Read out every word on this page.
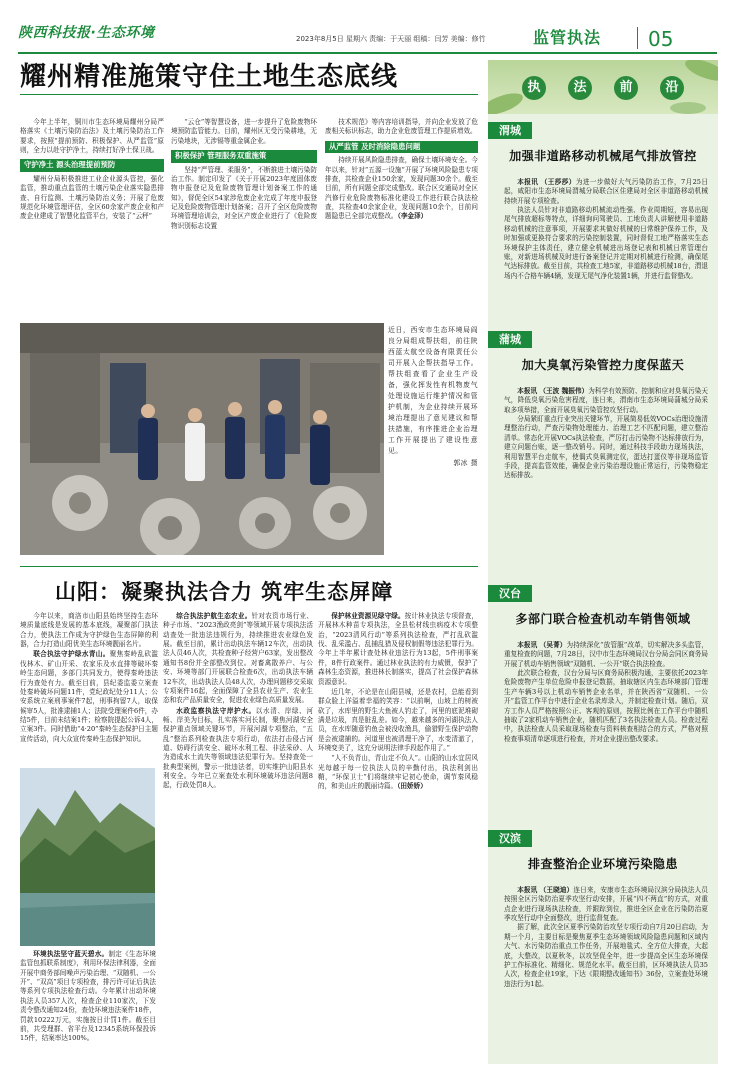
陕西科技报·生态环境	2023年8月5日 星期六 责编：于天丽 组稿：闫芳 美编：修竹	监管执法 05
耀州精准施策守住土地生态底线

今年上半年，铜川市生态环境局耀州分局严格落实《土壤污染防治法》及土壤污染防治工作要求，按照“提前预防、积极保护、从严监管”原则，全力以赴守护净土，持续打好净土保卫战。

守护净土 源头治理提前预防

耀州分局积极推进工业企业源头管控，强化监管，推动重点监管的土壤污染企业落实隐患排查、自行监测、土壤污染防治义务；开展了危废规范化环境管理评估，全区60余家产废企业和产废企业建成了智慧化监管平台，安装了“云秤”

“云仓”等智慧设备，进一步提升了危险废物环境预防监管能力。目前，耀州区无受污染耕地，无污染地块，无涉镉等重金属企业。

积极保护 管理服务双重施策

坚持“严管理、柔服务”，不断推进土壤污染防治工作。制定印发了《关于开展2023年度固体废物申报登记及危险废物管理计划备案工作的通知》，督促全区54家涉危废企业完成了年度申报登记及危险废物管理计划备案；召开了全区危险废物环境管理培训会，对全区产废企业进行了《危险废物识别标志设置

技术规范》等内容培训指导，并向企业发放了危废相关标识标志，助力企业危废管理工作提质增效。

从严监管 及时消除隐患问题

持续开展风险隐患排查，确保土壤环境安全。今年以来，针对“五源一设施”开展了环境风险隐患专项排查，共检查企业150余家，发现问题30余个。截至目前，所有问题全部完成整改。联合区交通局对全区汽修行业危险废物标准化建设工作进行联合执法检查，共检查40余家企业，发现问题10余个，目前问题隐患已全部完成整改。（李金泽）

近日，西安市生态环境局阎良分局组成帮扶组，前往陕西蓝太航空设备有限责任公司开展入企帮扶指导工作。帮扶组查看了企业生产设备，强化挥发性有机物废气处理设施运行维护情况和管护机制，为企业持续开展环境治理提出了意见建议和帮扶措施，有序推进企业治理工作开展提出了建设性意见。
郭冰 摄
山阳：凝聚执法合力 筑牢生态屏障

今年以来，商洛市山阳县始终坚持生态环境质量底线是发展的基本底线，凝聚部门执法合力，使执法工作成为守护绿色生态屏障的利器，合力打造山阳优美生态环境靓丽名片。

联合执法守护绿水青山。聚焦秦岭乱砍滥伐林木、矿山开采、农家乐及水直排等破坏秦岭生态问题，多部门共同发力，使得秦岭违法行为查处有力。截至目前，县纪委监委立案查处秦岭破坏问题11件，党纪政纪处分11人；公安系统立案刑事案件7起，刑事拘留7人，取保候审5人，批准逮捕1人；法院受理案件6件，办结5件，目前未结案1件；检察院提起公诉4人，立案3件。同时借助“4·20”秦岭生态保护日主题宣传活动，向大众宣传秦岭生态保护知识。

环境执法坚守蓝天碧水。制定《生态环境监管包抓联系制度》，利用环保法律利器，全面开展中商务部间噪声污染治理、“双随机、一公开”、“双高”项目专项检查，排污许可证后执法等系列专项执法检查行动。今年累计出动环境执法人员357人次，检查企业110家次，下发责令整改通知24份，查处环境违法案件18件，罚款10222万元，实施按日计罚1件。截至目前，共受理群、省平台及12345系统环保投诉15件，结案率达100%。

综合执法护航生态农业。针对农资市场行业、种子市场、“2023渔政亮剑”等领域开展专项执法活动查处一批违法违规行为，持续推进农业绿色发展。截至目前，累计出动执法车辆12车次，出动执法人员46人次，共检查种子经营户63家，发出整改通知书8份并全部整改到位。对畜禽散养户、与公安、环境等部门开展联合检查6次，出动执法车辆12车次，出动执法人员48人次，办理问题移交采取专项案件16起，全面保障了全县农业生产、农业生态和农产品质量安全，促进农业绿色高质量发展。

水政监察执法守岸护水。以水清、岸绿、河畅、岸美为目标，扎实落实河长制，聚焦河湖安全保护重点领域关键环节，开展河湖专项整治，“五乱”整治系列检查执法专项行动，依法打击侵占河道、妨碍行洪安全、破坏水利工程、非法采砂、人为造成水土流失等领域违法犯罪行为。坚持查处一批典型案例，警示一批违法者，切实维护山阳县水利安全。今年已立案查处水利环境破坏违法问题8起，行政处罚8人。

保护林业资源见绿守绿。按计林业执法专项督查，开展林木种苗专项执法，全县松材线虫病疫木专项整治，“2023清风行动”等系列执法检查，严打乱砍滥伐、乱采滥占、乱捕乱猎及侵权制假等违法犯罪行为。今年上半年累计查处林业违法行为13起，5件刑事案件，8件行政案件。通过林业执法的有力威慑，保护了森林生态资源，推进林长制落实，提高了社会保护森林资源意识。

近几年，不论是在山阳县城，还是农村，总能看到群众脸上洋溢着幸福的笑容：“以前啊，山坡上的树被砍了，水库里的野生大鱼被人钓走了，河里的底泥堆砌满是垃圾，真是脏乱差。如今，越来越多的河湖执法人员，在水库随意钓鱼会被没收渔具，偷猎野生保护动物是会被逮捕的。河道里也被清理干净了，水变清澈了，环境变美了，这充分说明法律手段起作用了。”

“人不负青山，青山定不负人”。山阳的山水宜居风光每越于每一位执法人员的辛勤付出，执法利剑出鞘，“环保卫士”们将继续牢记初心使命，调节秦风稳的，和美山庄的靓丽诗篇。（田娇娇）

执	法	前	沿
渭城
加强非道路移动机械尾气排放管控

本报讯 （王莎莎）为进一步做好大气污染防治工作，7月25日起，咸阳市生态环境局渭城分局联合区住建局对全区非道路移动机械持续开展专项检查。

执法人员针对非道路移动机械流动性强、作业周期短，容易出现尾气排放超标等特点，详细询问驾驶员、工地负责人讲解使用非道路移动机械的注意事项，开展要求其做好机械的日常维护保养工作，及时加强或更换符合要求的污染控制装置，同时督促工地严格落实生态环境保护主体责任，建立健全机械进出场登记表和机械日常管理台账，对新进场机械及时进行备案登记并定期对机械进行检测，确保尾气达标排放。截至目前，共检查工地5家，非道路移动机械18台，渭退场内不合格车辆4辆，发现无尾气净化装置1辆，并进行监督整改。

蒲城
加大臭氧污染管控力度保蓝天

本报讯 （王波 魏振伟）为科学有效预防、控制和应对臭氧污染天气，降低臭氧污染危害程度，连日来，渭南市生态环境局蒲城分局采取多项举措，全面开展臭氧污染管控攻坚行动。

分局紧盯重点行业突出关键环节，开展简易低效VOCs治理设施清理整治行动，严查污染物处理能力、治理工艺不匹配问题，建立整治清单。常态化开展VOCs执法检查，严厉打击污染物不达标排放行为，建立问题台账，逐一整改销号。同时，通过科技手段助力现场执法，利用智慧平台走航车，使偶式臭氧测定仪，蛋达打蛋仪等非现场监管手段，提高监管效能，确保企业污染治理设施正常运行，污染物稳定达标排放。

汉台
多部门联合检查机动车销售领域

本报讯 （吴菁）为持续深化“放管服”改革，切实解决多头监管，重复检查的问题，7月28日，汉中市生态环境局汉台分局会同区商务局开展了机动车销售领域“双随机、一公开”联合执法检查。

此次联合检查，汉台分局与区商务局积极沟通，主要依托2023年危险废物产生单位危险申报登记数据，抽取辖区内生态环境部门管理生产车辆3号以上机动车销售企业名单，并在陕西省“双随机、一公开”监管工作平台中进行企业名录库录入，并制定检查计划。随后，双方工作人员严格按照公正、客观的原则，按照比例在工作平台中随机抽取了2家机动车销售企业，随机匹配了3名执法检查人员。检查过程中，执法检查人员采取现场检查与资料核查相结合的方式，严格对照检查事项清单逐项进行检查，并对企业提出整改要求。

汉滨
排查整治企业环境污染隐患

本报讯 （王晓迪）连日来，安康市生态环境局汉滨分局执法人员按照全区污染防治夏季攻坚行动安排，开展“四不两直”的方式，对重点企业进行现场执法检查，并跟踪到位，推进全区企业在污染防治夏季攻坚行动中全面整改，进行监督复查。

据了解，此次全区夏季污染防治攻坚专项行动自7月20日启动，为期一个月，主要目标是聚焦夏季生态环境领域风险隐患问题和区域内大气、水污染防治重点工作任务，开展地毯式、全方位大排查，大起底，大整改，以夏秋冬，以攻坚促全年，进一步提高全区生态环境保护工作标准化、精细化、规范化水平。截至目前，区环境执法人员35人次，检查企业19家，下达《限期整改通知书》36份，立案查处环境违法行为1起。
